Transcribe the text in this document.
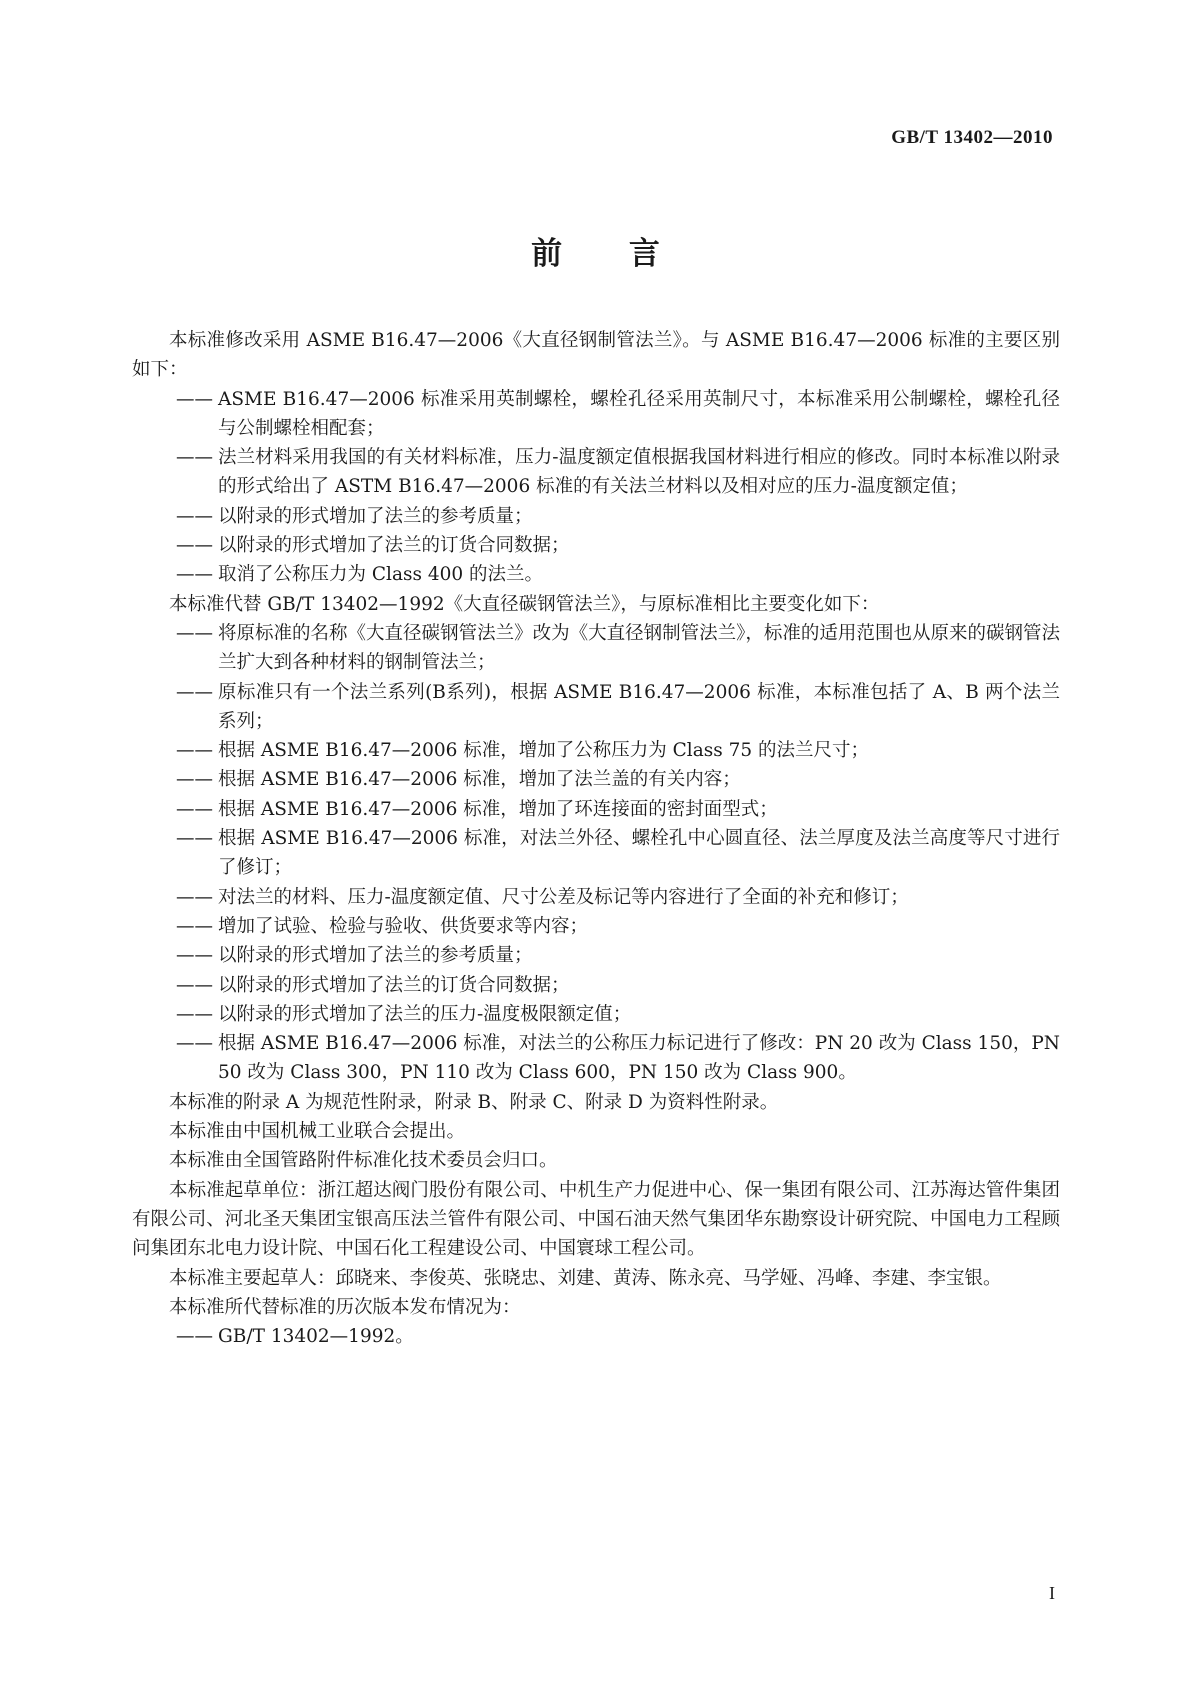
GB/T 13402—2010
前 言
本标准修改采用 ASME B16.47—2006《大直径钢制管法兰》。与 ASME B16.47—2006 标准的主要区别如下：
—— ASME B16.47—2006 标准采用英制螺栓，螺栓孔径采用英制尺寸，本标准采用公制螺栓，螺栓孔径与公制螺栓相配套；
—— 法兰材料采用我国的有关材料标准，压力-温度额定值根据我国材料进行相应的修改。同时本标准以附录的形式给出了 ASTM B16.47—2006 标准的有关法兰材料以及相对应的压力-温度额定值；
—— 以附录的形式增加了法兰的参考质量；
—— 以附录的形式增加了法兰的订货合同数据；
—— 取消了公称压力为 Class 400 的法兰。
本标准代替 GB/T 13402—1992《大直径碳钢管法兰》，与原标准相比主要变化如下：
—— 将原标准的名称《大直径碳钢管法兰》改为《大直径钢制管法兰》，标准的适用范围也从原来的碳钢管法兰扩大到各种材料的钢制管法兰；
—— 原标准只有一个法兰系列(B系列)，根据 ASME B16.47—2006 标准，本标准包括了 A、B 两个法兰系列；
—— 根据 ASME B16.47—2006 标准，增加了公称压力为 Class 75 的法兰尺寸；
—— 根据 ASME B16.47—2006 标准，增加了法兰盖的有关内容；
—— 根据 ASME B16.47—2006 标准，增加了环连接面的密封面型式；
—— 根据 ASME B16.47—2006 标准，对法兰外径、螺栓孔中心圆直径、法兰厚度及法兰高度等尺寸进行了修订；
—— 对法兰的材料、压力-温度额定值、尺寸公差及标记等内容进行了全面的补充和修订；
—— 增加了试验、检验与验收、供货要求等内容；
—— 以附录的形式增加了法兰的参考质量；
—— 以附录的形式增加了法兰的订货合同数据；
—— 以附录的形式增加了法兰的压力-温度极限额定值；
—— 根据 ASME B16.47—2006 标准，对法兰的公称压力标记进行了修改：PN 20 改为 Class 150，PN 50 改为 Class 300，PN 110 改为 Class 600，PN 150 改为 Class 900。
本标准的附录 A 为规范性附录，附录 B、附录 C、附录 D 为资料性附录。
本标准由中国机械工业联合会提出。
本标准由全国管路附件标准化技术委员会归口。
本标准起草单位：浙江超达阀门股份有限公司、中机生产力促进中心、保一集团有限公司、江苏海达管件集团有限公司、河北圣天集团宝银高压法兰管件有限公司、中国石油天然气集团华东勘察设计研究院、中国电力工程顾问集团东北电力设计院、中国石化工程建设公司、中国寰球工程公司。
本标准主要起草人：邱晓来、李俊英、张晓忠、刘建、黄涛、陈永亮、马学娅、冯峰、李建、李宝银。
本标准所代替标准的历次版本发布情况为：
—— GB/T 13402—1992。
I
